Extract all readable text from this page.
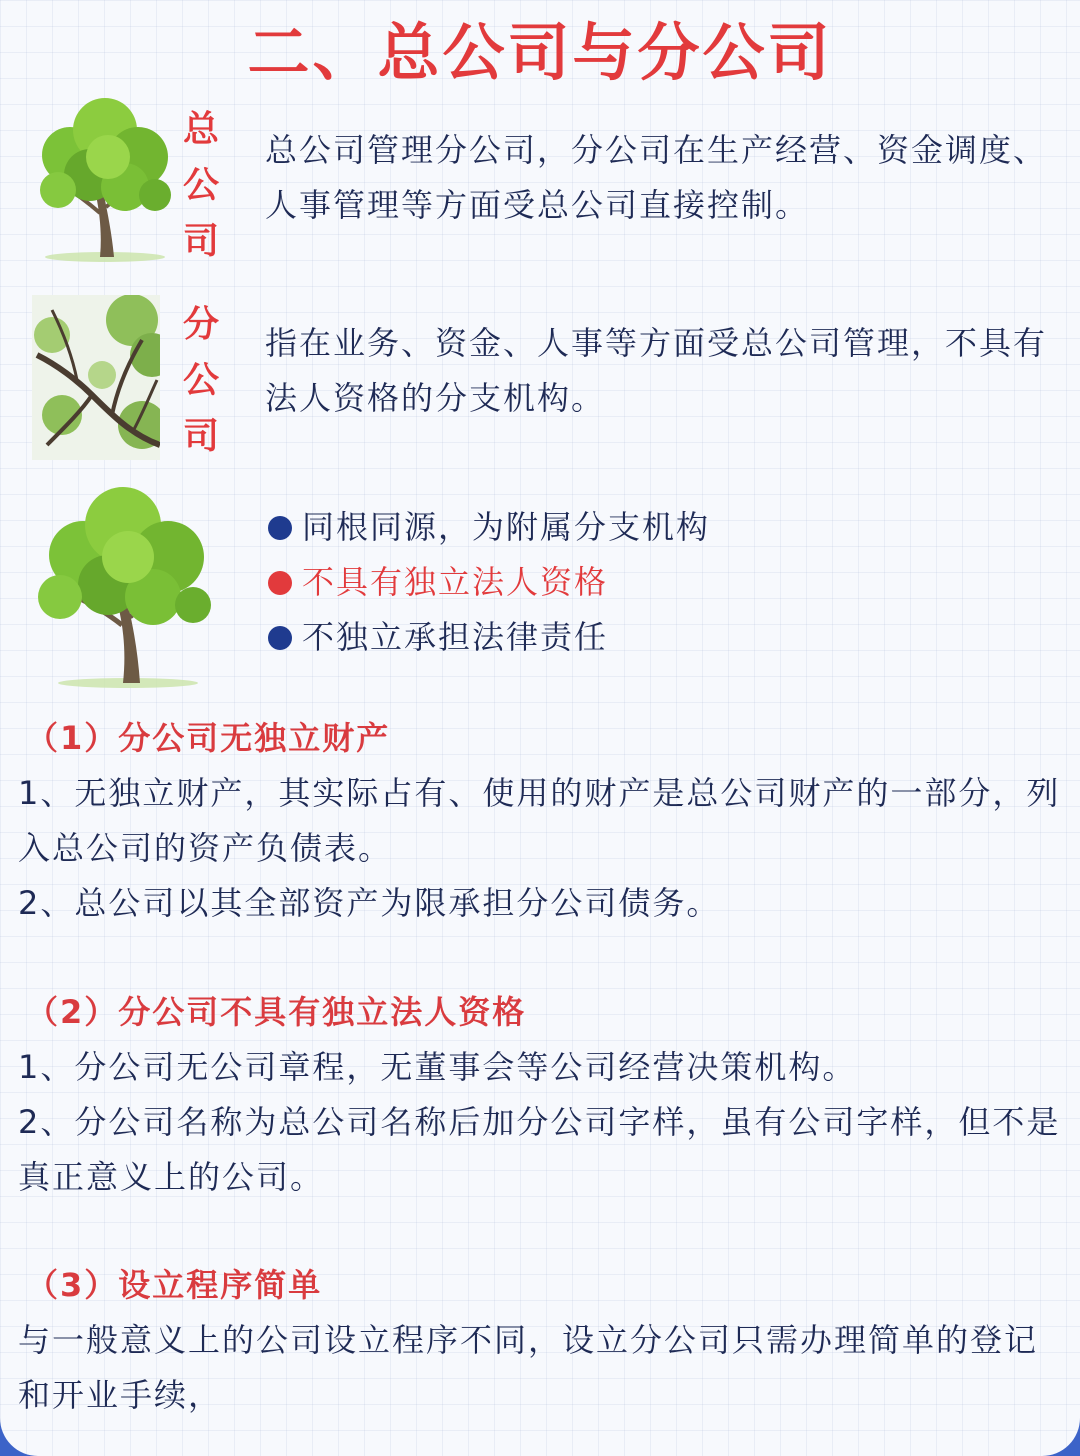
二、总公司与分公司
总
公
司
总公司管理分公司，分公司在生产经营、资金调度、人事管理等方面受总公司直接控制。
分
公
司
指在业务、资金、人事等方面受总公司管理，不具有法人资格的分支机构。
同根同源，为附属分支机构
不具有独立法人资格
不独立承担法律责任
（1）分公司无独立财产

1、无独立财产，其实际占有、使用的财产是总公司财产的一部分，列入总公司的资产负债表。

2、总公司以其全部资产为限承担分公司债务。

（2）分公司不具有独立法人资格

1、分公司无公司章程，无董事会等公司经营决策机构。

2、分公司名称为总公司名称后加分公司字样，虽有公司字样，但不是真正意义上的公司。

（3）设立程序简单

与一般意义上的公司设立程序不同，设立分公司只需办理简单的登记和开业手续，
